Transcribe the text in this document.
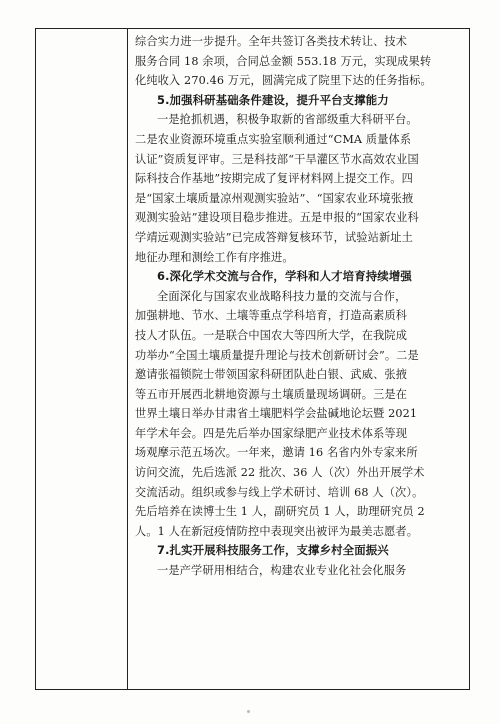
综合实力进一步提升。全年共签订各类技术转让、技术
服务合同 18 余项，合同总金额 553.18 万元，实现成果转
化纯收入 270.46 万元，圆满完成了院里下达的任务指标。
5.加强科研基础条件建设，提升平台支撑能力
一是抢抓机遇，积极争取新的省部级重大科研平台。
二是农业资源环境重点实验室顺利通过“CMA 质量体系
认证”资质复评审。三是科技部“干旱灌区节水高效农业国
际科技合作基地”按期完成了复评材料网上提交工作。四
是“国家土壤质量凉州观测实验站”、“国家农业环境张掖
观测实验站”建设项目稳步推进。五是申报的“国家农业科
学靖远观测实验站”已完成答辩复核环节，试验站新址土
地征办理和测绘工作有序推进。
6.深化学术交流与合作，学科和人才培育持续增强
全面深化与国家农业战略科技力量的交流与合作，
加强耕地、节水、土壤等重点学科培育，打造高素质科
技人才队伍。一是联合中国农大等四所大学，在我院成
功举办“全国土壤质量提升理论与技术创新研讨会”。二是
邀请张福锁院士带领国家科研团队赴白银、武威、张掖
等五市开展西北耕地资源与土壤质量现场调研。三是在
世界土壤日举办甘肃省土壤肥料学会盐碱地论坛暨 2021
年学术年会。四是先后举办国家绿肥产业技术体系等现
场观摩示范五场次。一年来，邀请 16 名省内外专家来所
访问交流，先后选派 22 批次、36 人（次）外出开展学术
交流活动。组织或参与线上学术研讨、培训 68 人（次）。
先后培养在读博士生 1 人，副研究员 1 人，助理研究员 2
人。1 人在新冠疫情防控中表现突出被评为最美志愿者。
7.扎实开展科技服务工作，支撑乡村全面振兴
一是产学研用相结合，构建农业专业化社会化服务
